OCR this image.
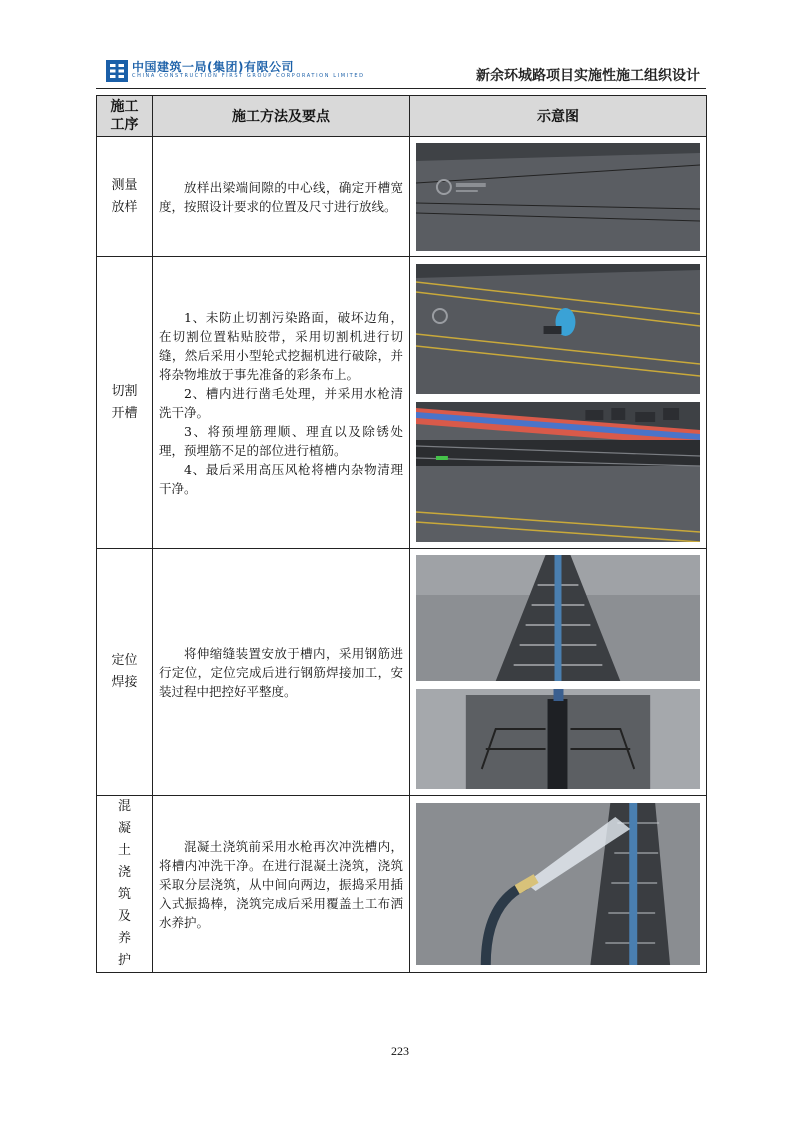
中国建筑一局(集团)有限公司
CHINA CONSTRUCTION FIRST GROUP CORPORATION LIMITED	新余环城路项目实施性施工组织设计
施工工序	施工方法及要点	示意图

测量放样	放样出梁端间隙的中心线，确定开槽宽度，按照设计要求的位置及尺寸进行放线。

切割开槽	1、未防止切割污染路面，破坏边角，在切割位置粘贴胶带，采用切割机进行切缝，然后采用小型轮式挖掘机进行破除，并将杂物堆放于事先准备的彩条布上。

2、槽内进行凿毛处理，并采用水枪清洗干净。

3、将预埋筋理顺、理直以及除锈处理，预埋筋不足的部位进行植筋。

4、最后采用高压风枪将槽内杂物清理干净。

定位焊接	将伸缩缝装置安放于槽内，采用钢筋进行定位，定位完成后进行钢筋焊接加工，安装过程中把控好平整度。

混凝土浇筑及养护	混凝土浇筑前采用水枪再次冲洗槽内，将槽内冲洗干净。在进行混凝土浇筑，浇筑采取分层浇筑，从中间向两边，振捣采用插入式振捣棒，浇筑完成后采用覆盖土工布洒水养护。

223
